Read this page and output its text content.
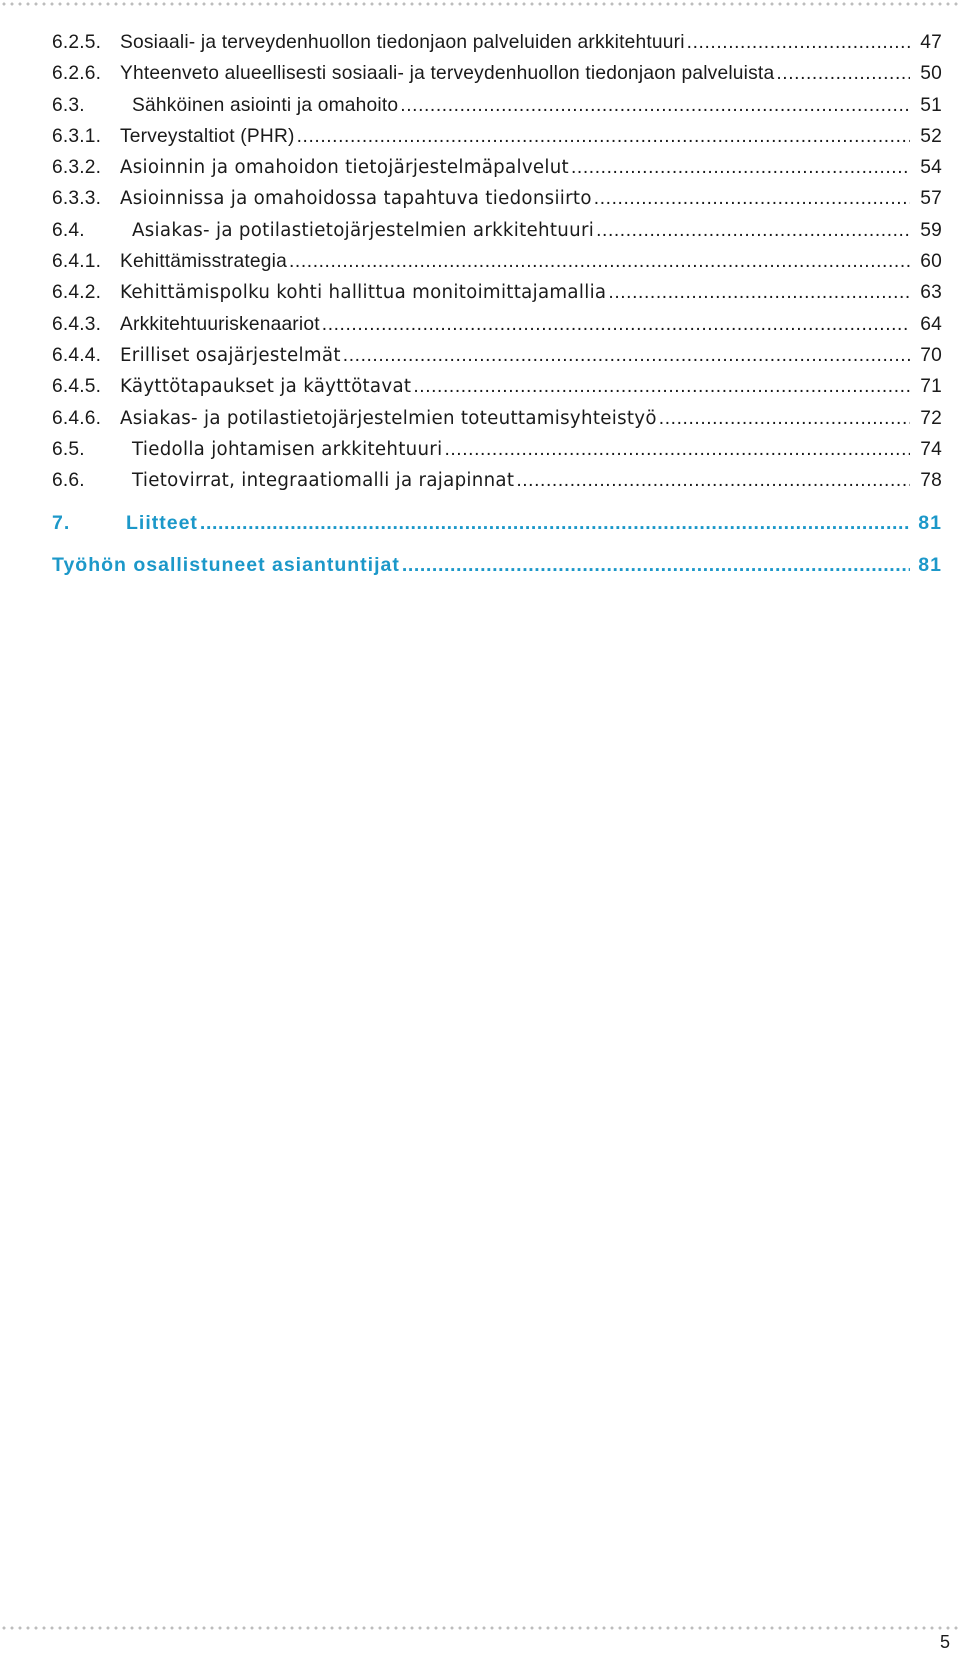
6.2.5. Sosiaali- ja terveydenhuollon tiedonjaon palveluiden arkkitehtuuri .....	47
6.2.6. Yhteenveto alueellisesti sosiaali- ja terveydenhuollon tiedonjaon palveluista .....	50
6.3.	Sähköinen asiointi ja omahoito .....	51
6.3.1. Terveystaltiot (PHR) .....	52
6.3.2.	Asioinnin ja omahoidon tietojärjestelmäpalvelut .....	54
6.3.3.	Asioinnissa ja omahoidossa tapahtuva tiedonsiirto .....	57
6.4.	Asiakas- ja potilastietojärjestelmien arkkitehtuuri .....	59
6.4.1. Kehittämisstrategia .....	60
6.4.2.	Kehittämispolku kohti hallittua monitoimittajamallia .....	63
6.4.3. Arkkitehtuuriskenaariot .....	64
6.4.4.	Erilliset osajärjestelmät .....	70
6.4.5.	Käyttötapaukset ja käyttötavat .....	71
6.4.6.	Asiakas- ja potilastietojärjestelmien toteuttamisyhteistyö .....	72
6.5.	Tiedolla johtamisen arkkitehtuuri .....	74
6.6.	Tietovirrat, integraatiomalli ja rajapinnat .....	78
7.	Liitteet .....	81
Työhön osallistuneet asiantuntijat .....	81
5
